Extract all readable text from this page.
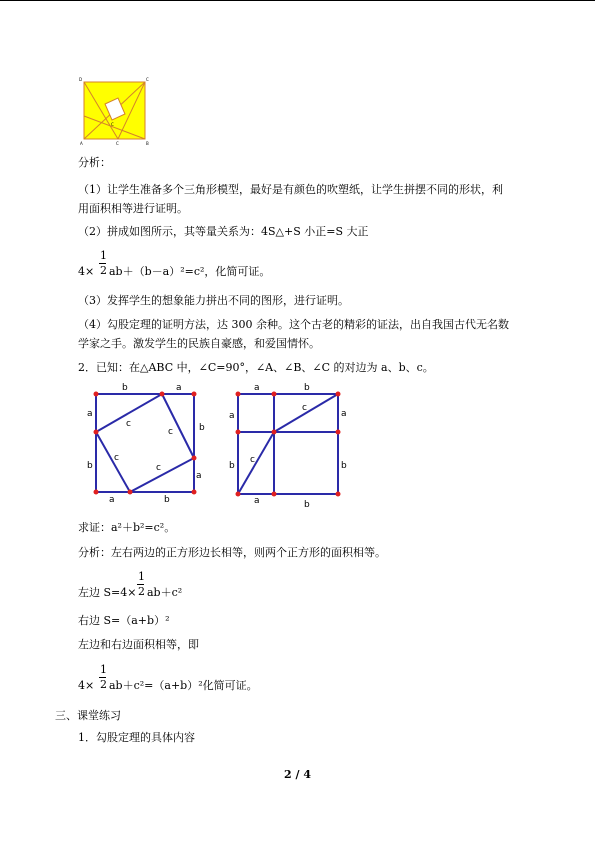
D	C
A	B
C
C

分析：

（1）让学生准备多个三角形模型，最好是有颜色的吹塑纸，让学生拼摆不同的形状，利

用面积相等进行证明。

（2）拼成如图所示，其等量关系为：4S△+S 小正=S 大正

1
2

4× ab＋（b－a）²=c²，化简可证。

（3）发挥学生的想象能力拼出不同的图形，进行证明。

（4）勾股定理的证明方法，达 300 余种。这个古老的精彩的证法，出自我国古代无名数

学家之手。激发学生的民族自豪感，和爱国情怀。

2．已知：在△ABC 中，∠C=90°，∠A、∠B、∠C 的对边为 a、b、c。

b	a
a
b
b
a
a	b
c
c
c
c
a	b
a
b
a
b
a	b
c
c

求证：a²＋b²=c²。

分析：左右两边的正方形边长相等，则两个正方形的面积相等。

1
2

左边 S=4× ab＋c²

右边 S=（a+b）²

左边和右边面积相等，即

1
2

4× ab＋c²=（a+b）²化简可证。

三、课堂练习

1．勾股定理的具体内容

2 / 4
